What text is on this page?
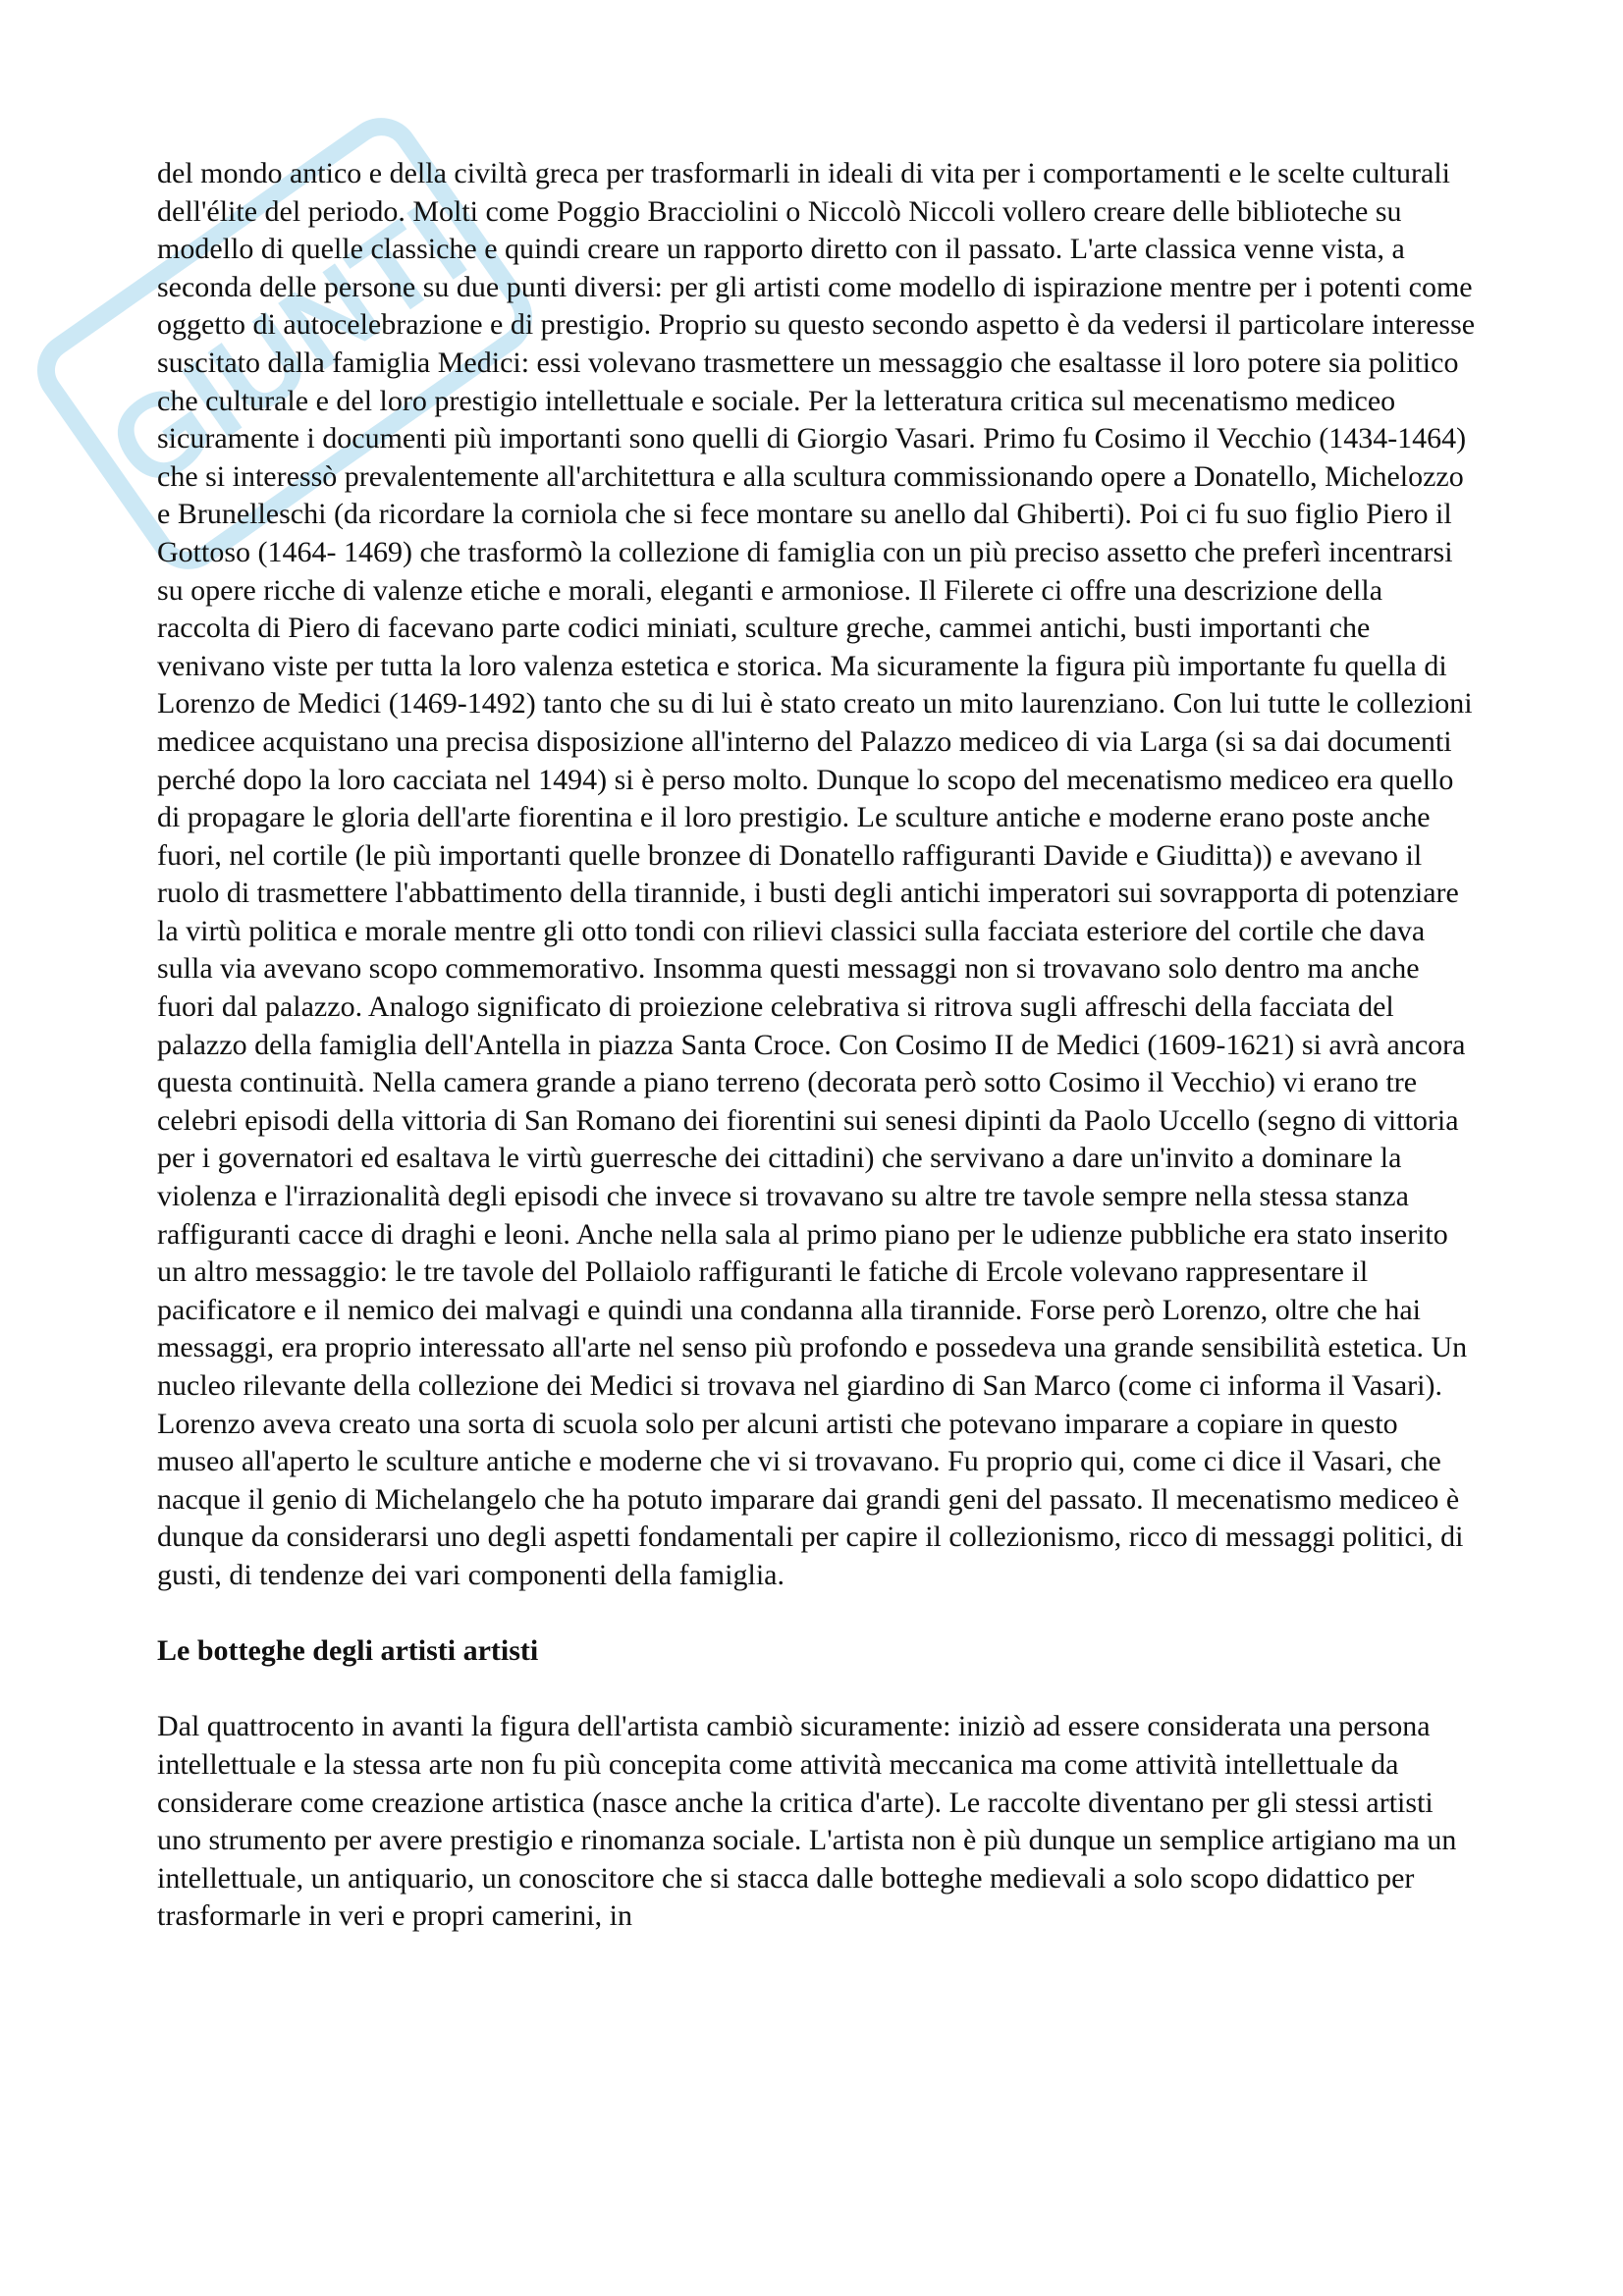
GIUNTI

del mondo antico e della civiltà greca per trasformarli in ideali di vita per i comportamenti e le scelte culturali dell'élite del periodo. Molti come Poggio Bracciolini o Niccolò Niccoli vollero creare delle biblioteche su modello di quelle classiche e quindi creare un rapporto diretto con il passato. L'arte classica venne vista, a seconda delle persone su due punti diversi: per gli artisti come modello di ispirazione mentre per i potenti come oggetto di autocelebrazione e di prestigio. Proprio su questo secondo aspetto è da vedersi il particolare interesse suscitato dalla famiglia Medici: essi volevano trasmettere un messaggio che esaltasse il loro potere sia politico che culturale e del loro prestigio intellettuale e sociale. Per la letteratura critica sul mecenatismo mediceo sicuramente i documenti più importanti sono quelli di Giorgio Vasari. Primo fu Cosimo il Vecchio (1434-1464) che si interessò prevalentemente all'architettura e alla scultura commissionando opere a Donatello, Michelozzo e Brunelleschi (da ricordare la corniola che si fece montare su anello dal Ghiberti). Poi ci fu suo figlio Piero il Gottoso (1464- 1469) che trasformò la collezione di famiglia con un più preciso assetto che preferì incentrarsi su opere ricche di valenze etiche e morali, eleganti e armoniose. Il Filerete ci offre una descrizione della raccolta di Piero di facevano parte codici miniati, sculture greche, cammei antichi, busti importanti che venivano viste per tutta la loro valenza estetica e storica. Ma sicuramente la figura più importante fu quella di Lorenzo de Medici (1469-1492) tanto che su di lui è stato creato un mito laurenziano. Con lui tutte le collezioni medicee acquistano una precisa disposizione all'interno del Palazzo mediceo di via Larga (si sa dai documenti perché dopo la loro cacciata nel 1494) si è perso molto. Dunque lo scopo del mecenatismo mediceo era quello di propagare le gloria dell'arte fiorentina e il loro prestigio. Le sculture antiche e moderne erano poste anche fuori, nel cortile (le più importanti quelle bronzee di Donatello raffiguranti Davide e Giuditta)) e avevano il ruolo di trasmettere l'abbattimento della tirannide, i busti degli antichi imperatori sui sovrapporta di potenziare la virtù politica e morale mentre gli otto tondi con rilievi classici sulla facciata esteriore del cortile che dava sulla via avevano scopo commemorativo. Insomma questi messaggi non si trovavano solo dentro ma anche fuori dal palazzo. Analogo significato di proiezione celebrativa si ritrova sugli affreschi della facciata del palazzo della famiglia dell'Antella in piazza Santa Croce. Con Cosimo II de Medici (1609-1621) si avrà ancora questa continuità. Nella camera grande a piano terreno (decorata però sotto Cosimo il Vecchio) vi erano tre celebri episodi della vittoria di San Romano dei fiorentini sui senesi dipinti da Paolo Uccello (segno di vittoria per i governatori ed esaltava le virtù guerresche dei cittadini) che servivano a dare un'invito a dominare la violenza e l'irrazionalità degli episodi che invece si trovavano su altre tre tavole sempre nella stessa stanza raffiguranti cacce di draghi e leoni. Anche nella sala al primo piano per le udienze pubbliche era stato inserito un altro messaggio: le tre tavole del Pollaiolo raffiguranti le fatiche di Ercole volevano rappresentare il pacificatore e il nemico dei malvagi e quindi una condanna alla tirannide. Forse però Lorenzo, oltre che hai messaggi, era proprio interessato all'arte nel senso più profondo e possedeva una grande sensibilità estetica. Un nucleo rilevante della collezione dei Medici si trovava nel giardino di San Marco (come ci informa il Vasari). Lorenzo aveva creato una sorta di scuola solo per alcuni artisti che potevano imparare a copiare in questo museo all'aperto le sculture antiche e moderne che vi si trovavano. Fu proprio qui, come ci dice il Vasari, che nacque il genio di Michelangelo che ha potuto imparare dai grandi geni del passato. Il mecenatismo mediceo è dunque da considerarsi uno degli aspetti fondamentali per capire il collezionismo, ricco di messaggi politici, di gusti, di tendenze dei vari componenti della famiglia.

Le botteghe degli artisti artisti

Dal quattrocento in avanti la figura dell'artista cambiò sicuramente: iniziò ad essere considerata una persona intellettuale e la stessa arte non fu più concepita come attività meccanica ma come attività intellettuale da considerare come creazione artistica (nasce anche la critica d'arte). Le raccolte diventano per gli stessi artisti uno strumento per avere prestigio e rinomanza sociale. L'artista non è più dunque un semplice artigiano ma un intellettuale, un antiquario, un conoscitore che si stacca dalle botteghe medievali a solo scopo didattico per trasformarle in veri e propri camerini, in
